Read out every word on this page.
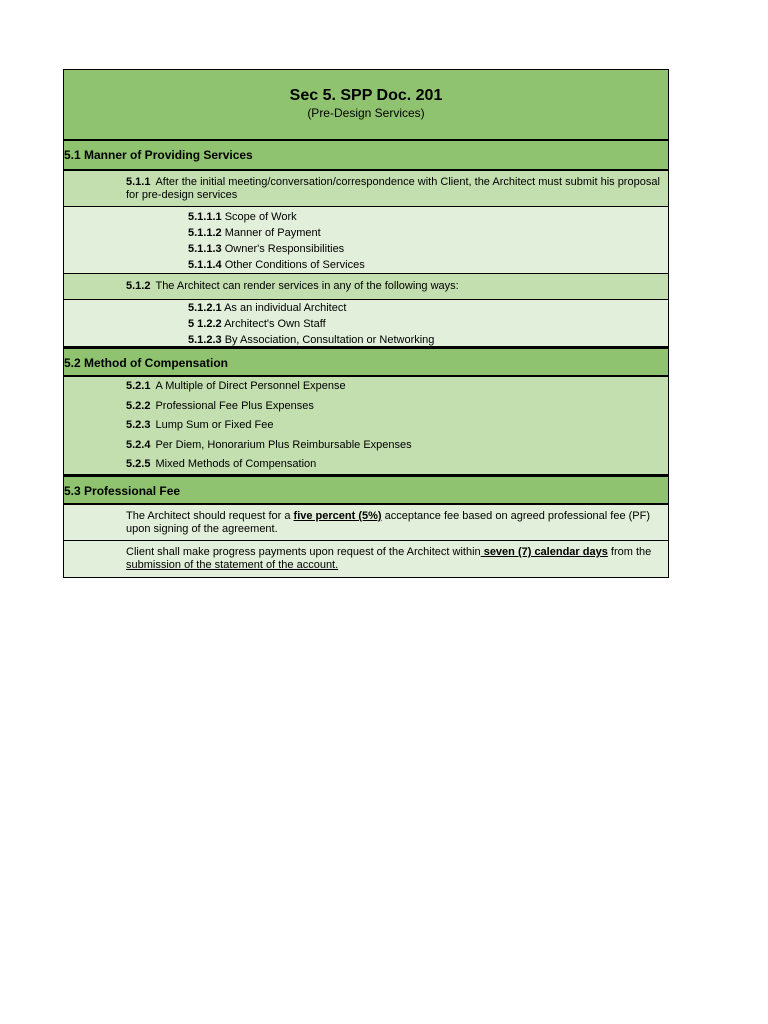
Sec 5. SPP Doc. 201
(Pre-Design Services)
5.1 Manner of Providing Services
5.1.1 After the initial meeting/conversation/correspondence with Client, the Architect must submit his proposal for pre-design services
5.1.1.1 Scope of Work
5.1.1.2 Manner of Payment
5.1.1.3 Owner's Responsibilities
5.1.1.4 Other Conditions of Services
5.1.2 The Architect can render services in any of the following ways:
5.1.2.1 As an individual Architect
5 1.2.2 Architect's Own Staff
5.1.2.3 By Association, Consultation or Networking
5.2 Method of Compensation
5.2.1 A Multiple of Direct Personnel Expense
5.2.2 Professional Fee Plus Expenses
5.2.3 Lump Sum or Fixed Fee
5.2.4 Per Diem, Honorarium Plus Reimbursable Expenses
5.2.5 Mixed Methods of Compensation
5.3 Professional Fee
The Architect should request for a five percent (5%) acceptance fee based on agreed professional fee (PF) upon signing of the agreement.
Client shall make progress payments upon request of the Architect within seven (7) calendar days from the submission of the statement of the account.
